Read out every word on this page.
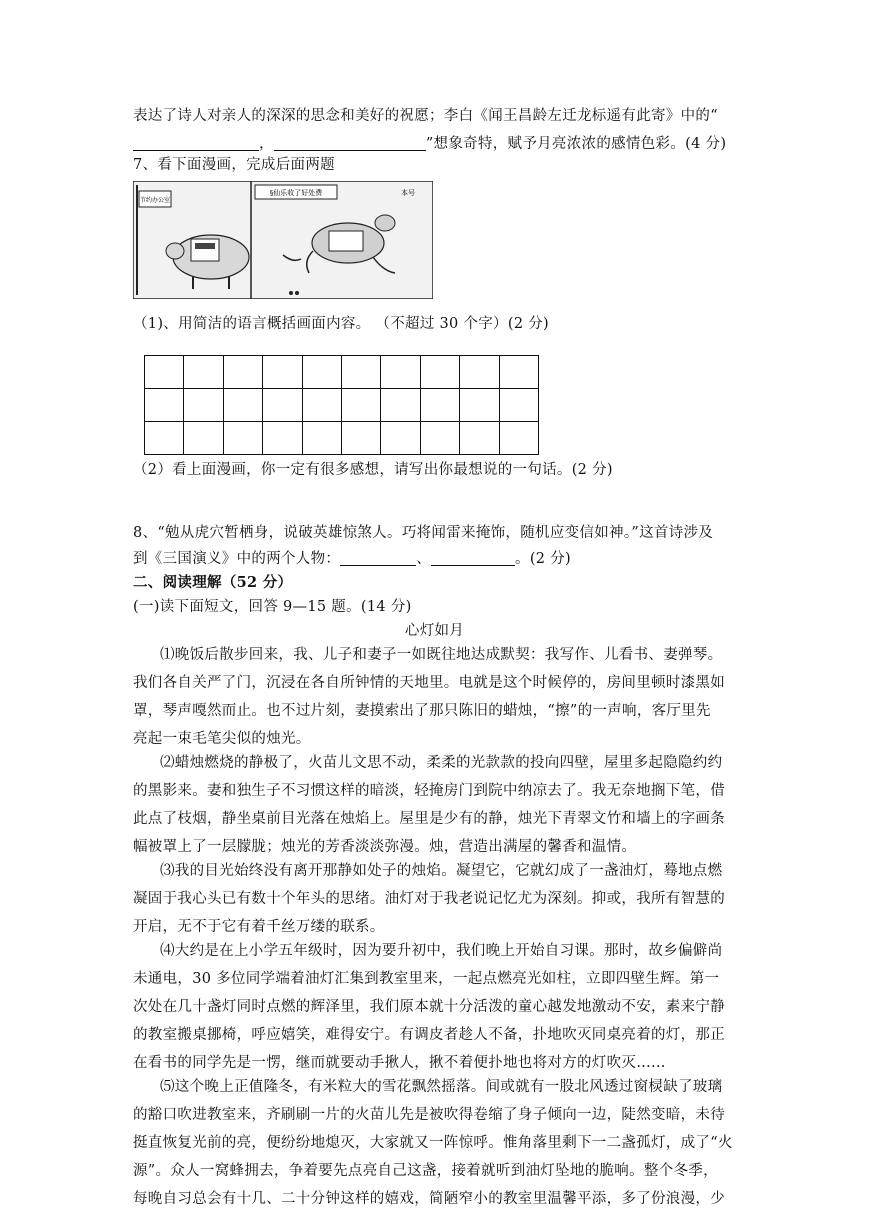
表达了诗人对亲人的深深的思念和美好的祝愿；李白《闻王昌龄左迁龙标遥有此寄》中的“
，	”想象奇特，赋予月亮浓浓的感情色彩。(4 分)
7、看下面漫画，完成后面两题
节约办公室
§仙乐收了好处费	本号
（1)、用简洁的语言概括画面内容。 （不超过 30 个字）(2 分)

（2）看上面漫画，你一定有很多感想，请写出你最想说的一句话。(2 分)
8、“勉从虎穴暂栖身，说破英雄惊煞人。巧将闻雷来掩饰，随机应变信如神。”这首诗涉及
到《三国演义》中的两个人物：	、	。(2 分)
二、阅读理解（52 分）
(一)读下面短文，回答 9—15 题。(14 分)
心灯如月
⑴晚饭后散步回来，我、儿子和妻子一如既往地达成默契：我写作、儿看书、妻弹琴。
我们各自关严了门，沉浸在各自所钟情的天地里。电就是这个时候停的，房间里顿时漆黑如
罩，琴声嘎然而止。也不过片刻，妻摸索出了那只陈旧的蜡烛，“擦”的一声响，客厅里先
亮起一束毛笔尖似的烛光。
⑵蜡烛燃烧的静极了，火苗儿文思不动，柔柔的光款款的投向四壁，屋里多起隐隐约约
的黑影来。妻和独生子不习惯这样的暗淡，轻掩房门到院中纳凉去了。我无奈地搁下笔，借
此点了枝烟，静坐桌前目光落在烛焰上。屋里是少有的静，烛光下青翠文竹和墙上的字画条
幅被罩上了一层朦胧；烛光的芳香淡淡弥漫。烛，营造出满屋的馨香和温情。
⑶我的目光始终没有离开那静如处子的烛焰。凝望它，它就幻成了一盏油灯，蓦地点燃
凝固于我心头已有数十个年头的思绪。油灯对于我老说记忆尤为深刻。抑或，我所有智慧的
开启，无不于它有着千丝万缕的联系。
⑷大约是在上小学五年级时，因为要升初中，我们晚上开始自习课。那时，故乡偏僻尚
未通电，30 多位同学端着油灯汇集到教室里来，一起点燃亮光如柱，立即四壁生辉。第一
次处在几十盏灯同时点燃的辉泽里，我们原本就十分活泼的童心越发地激动不安，素来宁静
的教室搬桌挪椅，呼应嬉笑，难得安宁。有调皮者趁人不备，扑地吹灭同桌亮着的灯，那正
在看书的同学先是一愣，继而就要动手揪人，揪不着便扑地也将对方的灯吹灭……
⑸这个晚上正值隆冬，有米粒大的雪花飘然摇落。间或就有一股北风透过窗棂缺了玻璃
的豁口吹进教室来，齐刷刷一片的火苗儿先是被吹得卷缩了身子倾向一边，陡然变暗，未待
挺直恢复光前的亮，便纷纷地熄灭，大家就又一阵惊呼。惟角落里剩下一二盏孤灯，成了“火
源”。众人一窝蜂拥去，争着要先点亮自己这盏，接着就听到油灯坠地的脆响。整个冬季，
每晚自习总会有十几、二十分钟这样的嬉戏，简陋窄小的教室里温馨平添，多了份浪漫，少
